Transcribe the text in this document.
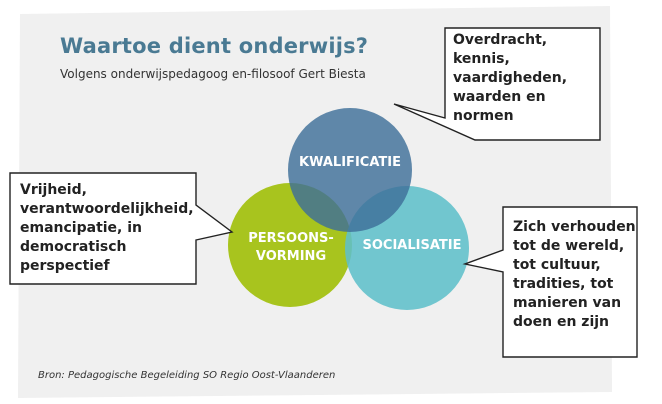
Waartoe dient onderwijs?
Volgens onderwijspedagoog en-filosoof Gert Biesta
KWALIFICATIE
PERSOONS-
VORMING
SOCIALISATIE
Overdracht,
kennis,
vaardigheden,
waarden en
normen
Vrijheid,
verantwoordelijkheid,
emancipatie, in
democratisch
perspectief
Zich verhouden
tot de wereld,
tot cultuur,
tradities, tot
manieren van
doen en zijn
Bron: Pedagogische Begeleiding SO Regio Oost-Vlaanderen
